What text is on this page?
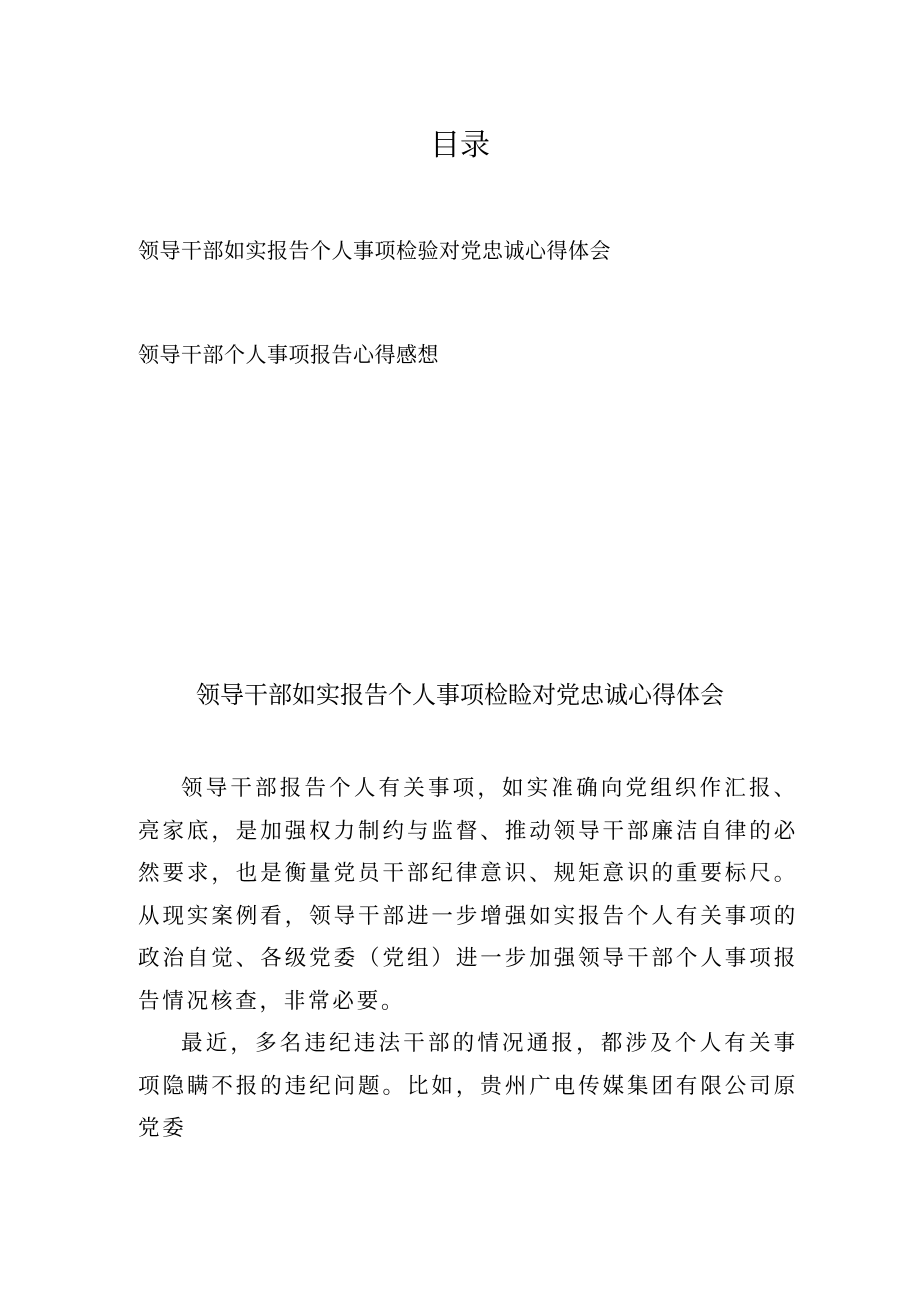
目录
领导干部如实报告个人事项检验对党忠诚心得体会
领导干部个人事项报告心得感想
领导干部如实报告个人事项检睑对党忠诚心得体会

领导干部报告个人有关事项，如实准确向党组织作汇报、亮家底，是加强权力制约与监督、推动领导干部廉洁自律的必然要求，也是衡量党员干部纪律意识、规矩意识的重要标尺。从现实案例看，领导干部进一步增强如实报告个人有关事项的政治自觉、各级党委（党组）进一步加强领导干部个人事项报告情况核查，非常必要。

最近，多名违纪违法干部的情况通报，都涉及个人有关事项隐瞒不报的违纪问题。比如，贵州广电传媒集团有限公司原党委
